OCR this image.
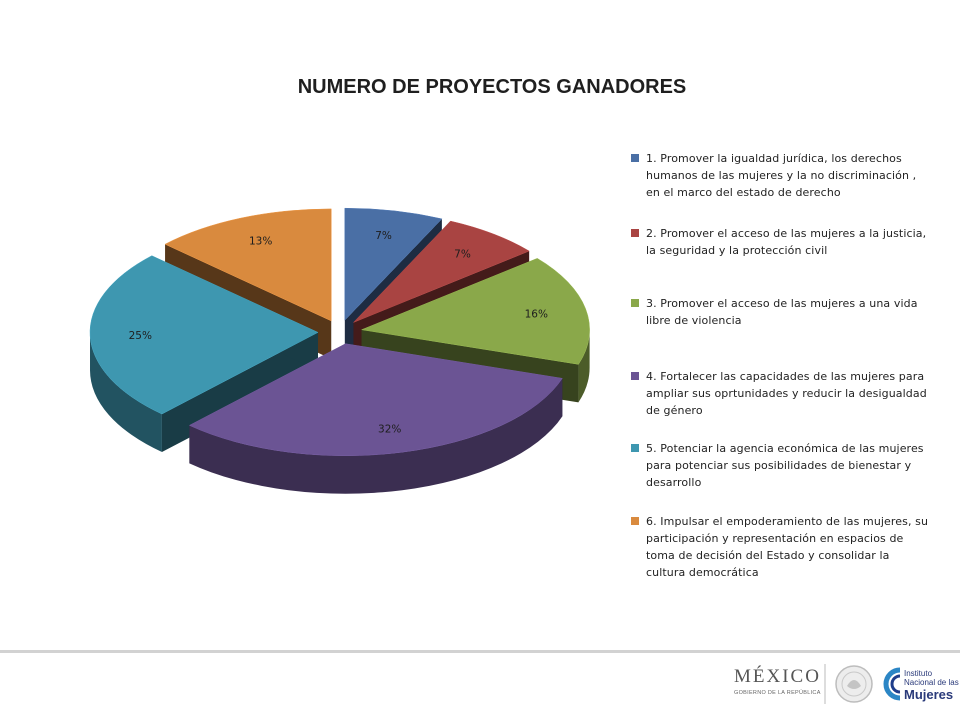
NUMERO DE PROYECTOS GANADORES
7%
7%
16%
32%
25%
13%
1. Promover la igualdad jurídica, los derechos humanos de las mujeres y la no discriminación , en el marco del estado de derecho
2. Promover el acceso de las mujeres a la justicia, la seguridad y la protección civil
3. Promover el acceso de las mujeres a una vida libre de violencia
4. Fortalecer las capacidades de las mujeres para ampliar sus oprtunidades y reducir la desigualdad de género
5. Potenciar la agencia económica de las mujeres para potenciar sus posibilidades de bienestar y desarrollo
6. Impulsar el empoderamiento de las mujeres, su participación y representación en espacios de toma de decisión del Estado y consolidar la cultura democrática
MÉXICO
GOBIERNO DE LA REPÚBLICA
Instituto
Nacional de las
Mujeres
